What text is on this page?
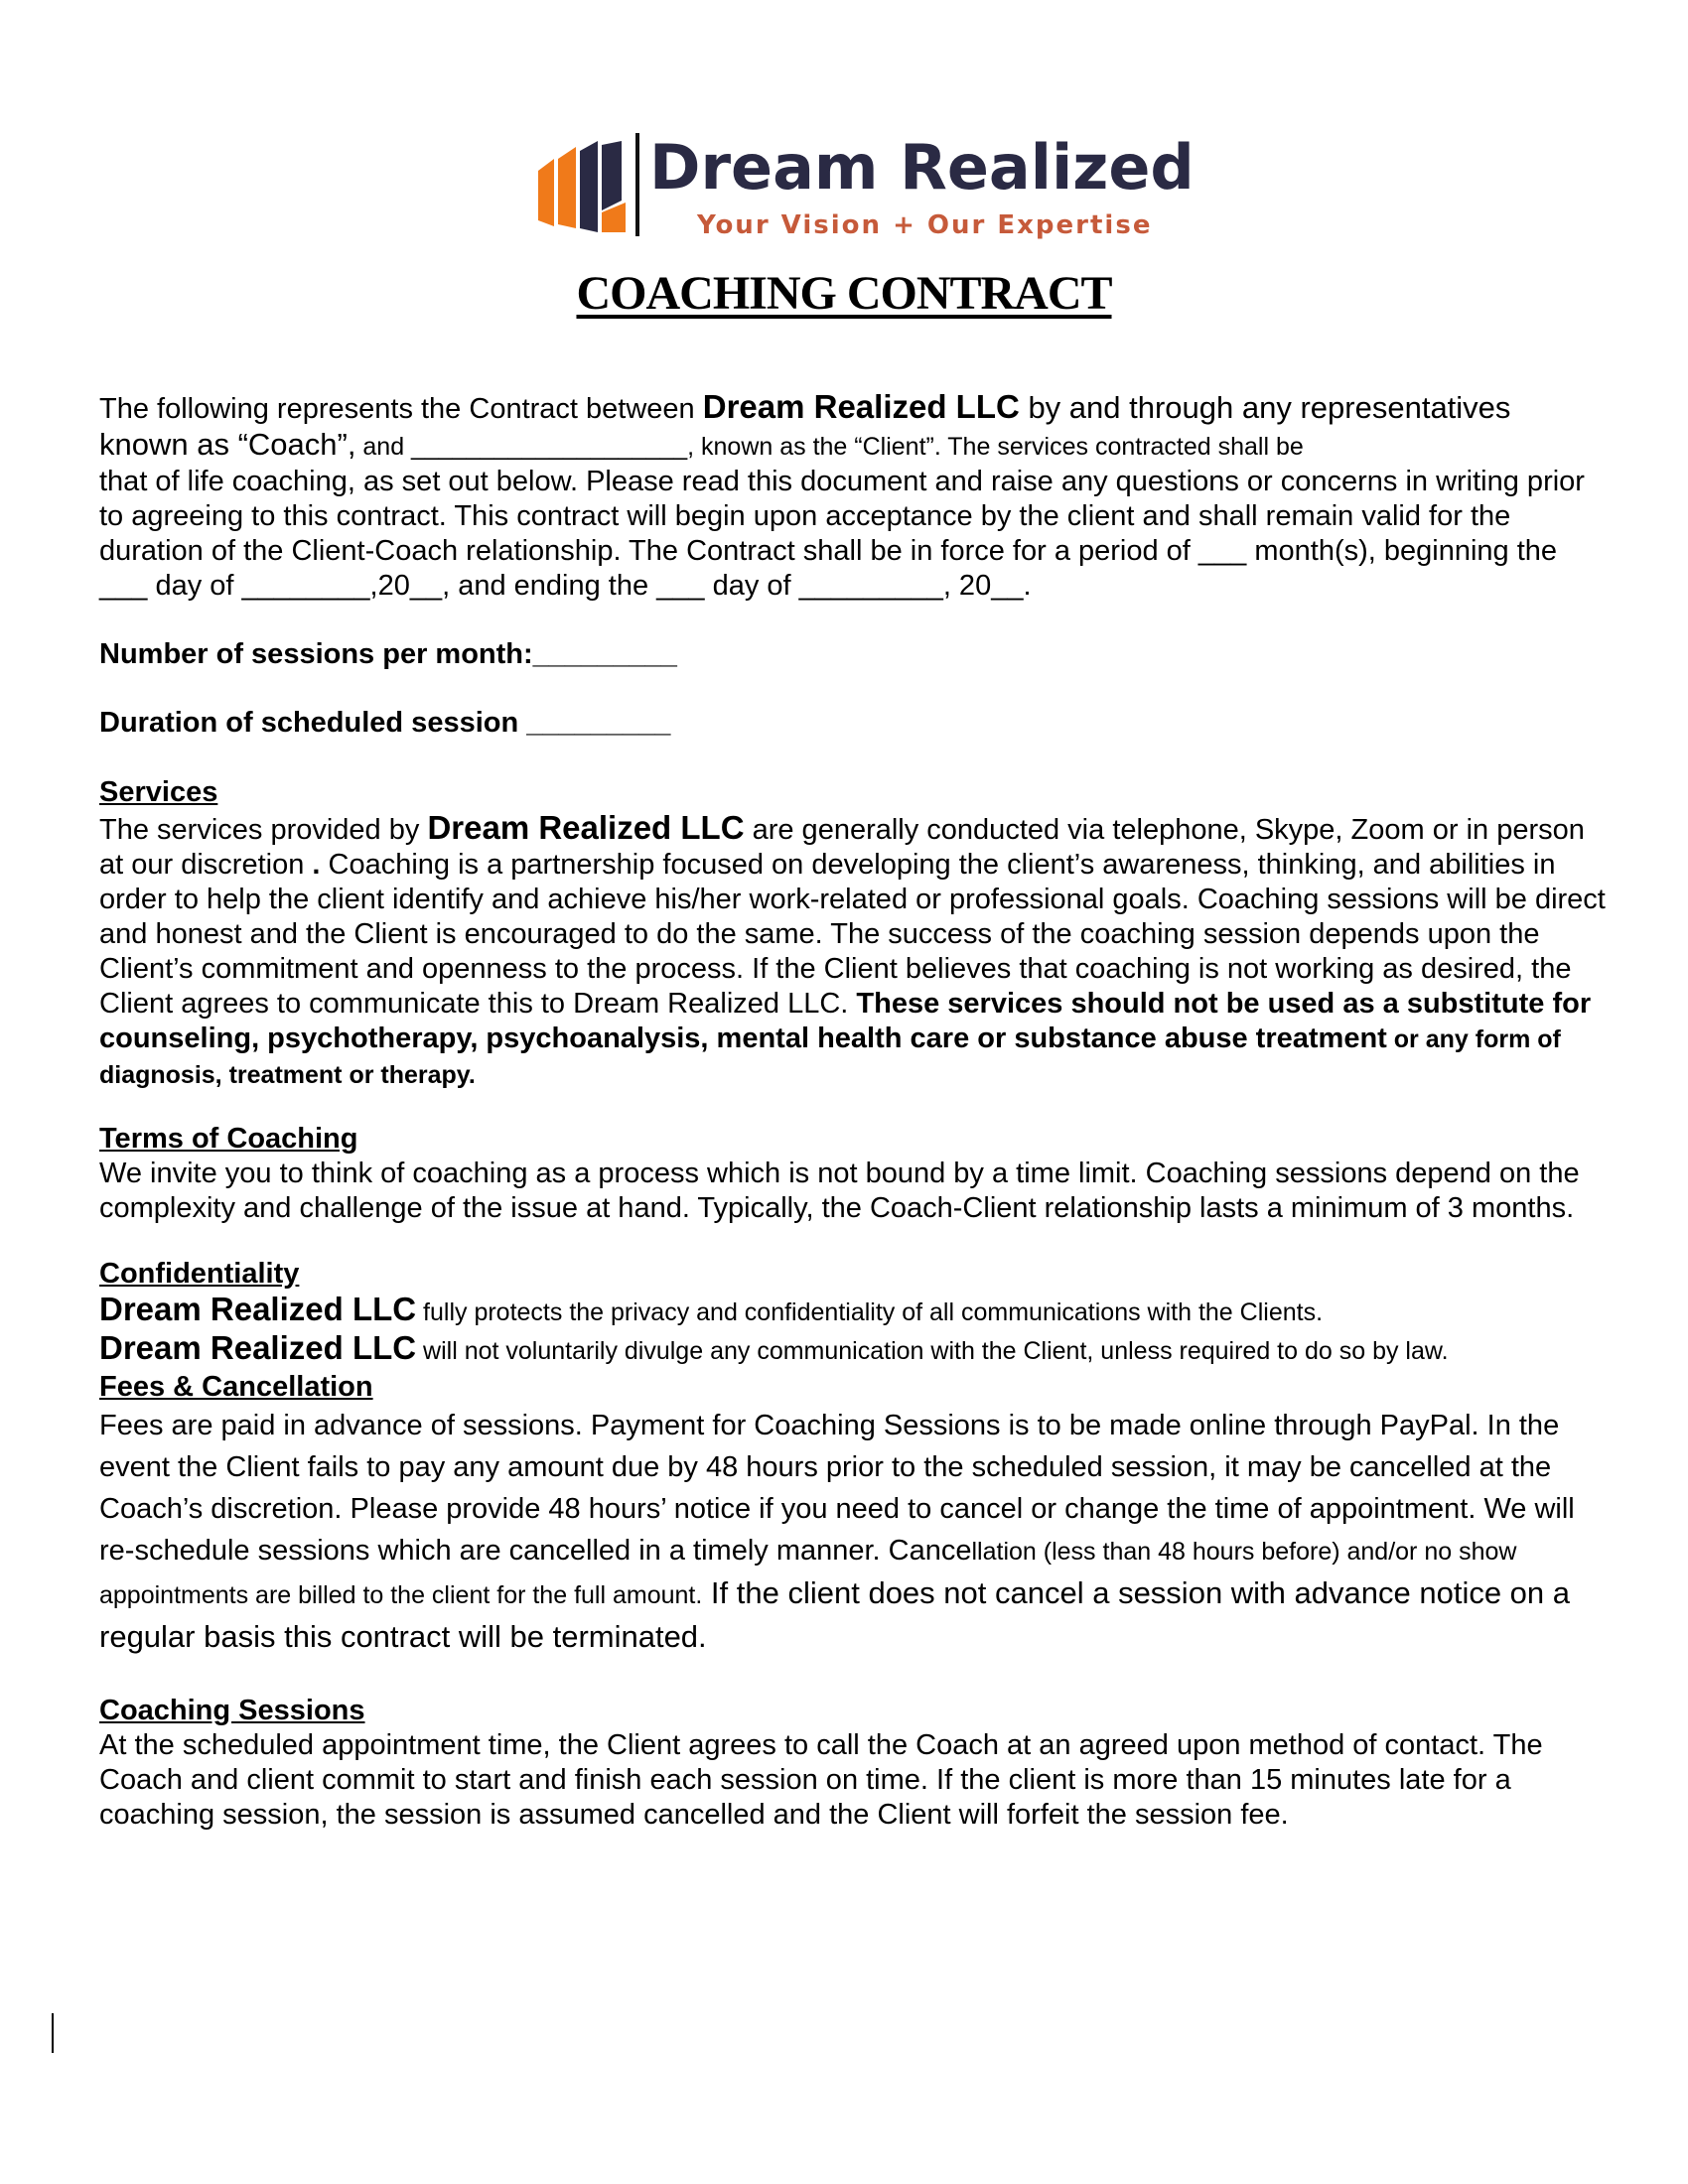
Dream Realized
Your Vision + Our Expertise
COACHING CONTRACT

The following represents the Contract between Dream Realized LLC by and through any representatives
known as “Coach”, and ____________________, known as the “Client”. The services contracted shall be
that of life coaching, as set out below. Please read this document and raise any questions or concerns in writing prior to agreeing to this contract. This contract will begin upon acceptance by the client and shall remain valid for the duration of the Client-Coach relationship. The Contract shall be in force for a period of ___ month(s), beginning the ___ day of ________,20__, and ending the ___ day of _________, 20__.

Number of sessions per month:_________

Duration of scheduled session _________

Services

The services provided by Dream Realized LLC are generally conducted via telephone, Skype, Zoom or in person at our discretion . Coaching is a partnership focused on developing the client’s awareness, thinking, and abilities in order to help the client identify and achieve his/her work-related or professional goals. Coaching sessions will be direct and honest and the Client is encouraged to do the same. The success of the coaching session depends upon the Client’s commitment and openness to the process. If the Client believes that coaching is not working as desired, the Client agrees to communicate this to Dream Realized LLC. These services should not be used as a substitute for counseling, psychotherapy, psychoanalysis, mental health care or substance abuse treatment or any form of diagnosis, treatment or therapy.

Terms of Coaching

We invite you to think of coaching as a process which is not bound by a time limit. Coaching sessions depend on the complexity and challenge of the issue at hand. Typically, the Coach-Client relationship lasts a minimum of 3 months.

Confidentiality

Dream Realized LLC fully protects the privacy and confidentiality of all communications with the Clients.
Dream Realized LLC will not voluntarily divulge any communication with the Client, unless required to do so by law.

Fees & Cancellation

Fees are paid in advance of sessions. Payment for Coaching Sessions is to be made online through PayPal. In the event the Client fails to pay any amount due by 48 hours prior to the scheduled session, it may be cancelled at the Coach’s discretion. Please provide 48 hours’ notice if you need to cancel or change the time of appointment. We will re-schedule sessions which are cancelled in a timely manner. Cancellation (less than 48 hours before) and/or no show appointments are billed to the client for the full amount. If the client does not cancel a session with advance notice on a regular basis this contract will be terminated.

Coaching Sessions

At the scheduled appointment time, the Client agrees to call the Coach at an agreed upon method of contact. The Coach and client commit to start and finish each session on time. If the client is more than 15 minutes late for a coaching session, the session is assumed cancelled and the Client will forfeit the session fee.
